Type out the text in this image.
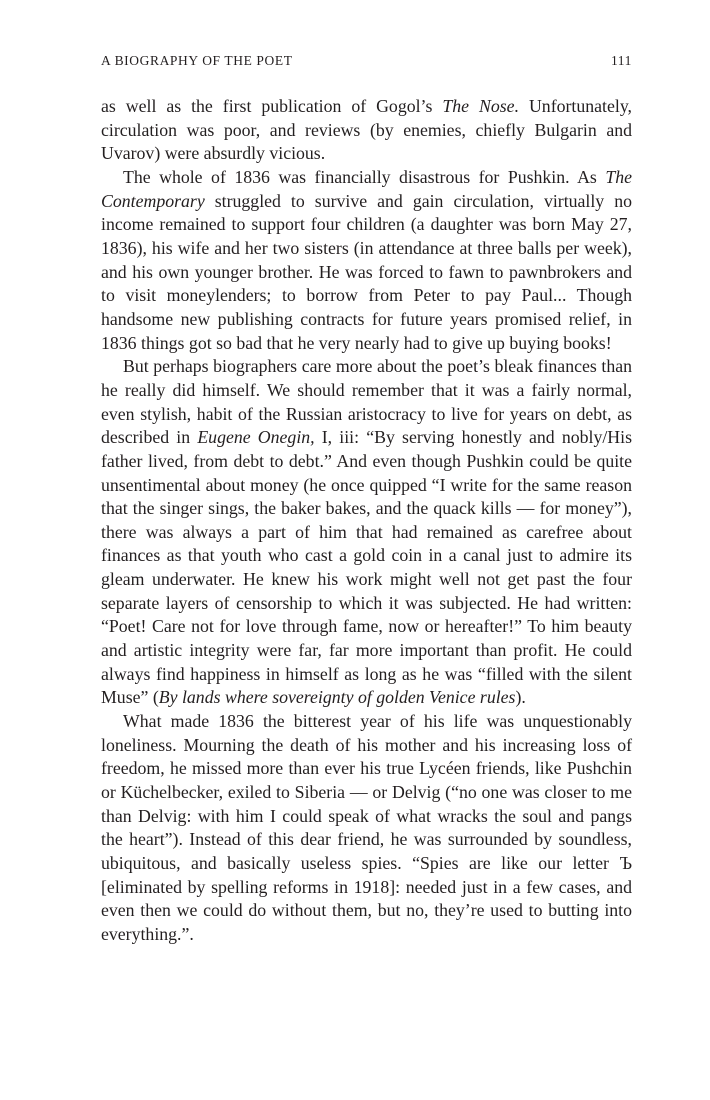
A BIOGRAPHY OF THE POET	111

as well as the first publication of Gogol’s The Nose. Unfortunately, circulation was poor, and reviews (by enemies, chiefly Bulgarin and Uvarov) were absurdly vicious.

The whole of 1836 was financially disastrous for Pushkin. As The Contemporary struggled to survive and gain circulation, virtually no income remained to support four children (a daughter was born May 27, 1836), his wife and her two sisters (in attendance at three balls per week), and his own younger brother. He was forced to fawn to pawnbrokers and to visit moneylenders; to borrow from Peter to pay Paul... Though handsome new publishing contracts for future years promised relief, in 1836 things got so bad that he very nearly had to give up buying books!

But perhaps biographers care more about the poet’s bleak finances than he really did himself. We should remember that it was a fairly normal, even stylish, habit of the Russian aristocracy to live for years on debt, as described in Eugene Onegin, I, iii: “By serving honestly and nobly/His father lived, from debt to debt.” And even though Pushkin could be quite unsentimental about money (he once quipped “I write for the same reason that the singer sings, the baker bakes, and the quack kills — for money”), there was always a part of him that had remained as carefree about finances as that youth who cast a gold coin in a canal just to admire its gleam underwater. He knew his work might well not get past the four separate layers of censorship to which it was subjected. He had written: “Poet! Care not for love through fame, now or hereafter!” To him beauty and artistic integrity were far, far more important than profit. He could always find happiness in himself as long as he was “filled with the silent Muse” (By lands where sovereignty of golden Venice rules).

What made 1836 the bitterest year of his life was unquestionably loneliness. Mourning the death of his mother and his increasing loss of freedom, he missed more than ever his true Lycéen friends, like Pushchin or Küchelbecker, exiled to Siberia — or Delvig (“no one was closer to me than Delvig: with him I could speak of what wracks the soul and pangs the heart”). Instead of this dear friend, he was surrounded by soundless, ubiquitous, and basically useless spies. “Spies are like our letter Ъ [eliminated by spelling reforms in 1918]: needed just in a few cases, and even then we could do without them, but no, they’re used to butting into everything.”.
